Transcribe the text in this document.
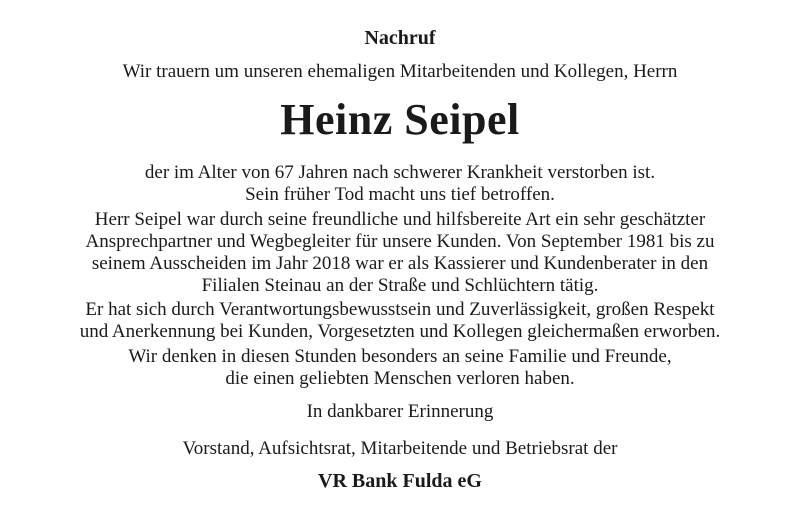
Nachruf
Wir trauern um unseren ehemaligen Mitarbeitenden und Kollegen, Herrn
Heinz Seipel
der im Alter von 67 Jahren nach schwerer Krankheit verstorben ist.
Sein früher Tod macht uns tief betroffen.
Herr Seipel war durch seine freundliche und hilfsbereite Art ein sehr geschätzter
Ansprechpartner und Wegbegleiter für unsere Kunden. Von September 1981 bis zu
seinem Ausscheiden im Jahr 2018 war er als Kassierer und Kundenberater in den
Filialen Steinau an der Straße und Schlüchtern tätig.
Er hat sich durch Verantwortungsbewusstsein und Zuverlässigkeit, großen Respekt
und Anerkennung bei Kunden, Vorgesetzten und Kollegen gleichermaßen erworben.
Wir denken in diesen Stunden besonders an seine Familie und Freunde,
die einen geliebten Menschen verloren haben.
In dankbarer Erinnerung
Vorstand, Aufsichtsrat, Mitarbeitende und Betriebsrat der
VR Bank Fulda eG
